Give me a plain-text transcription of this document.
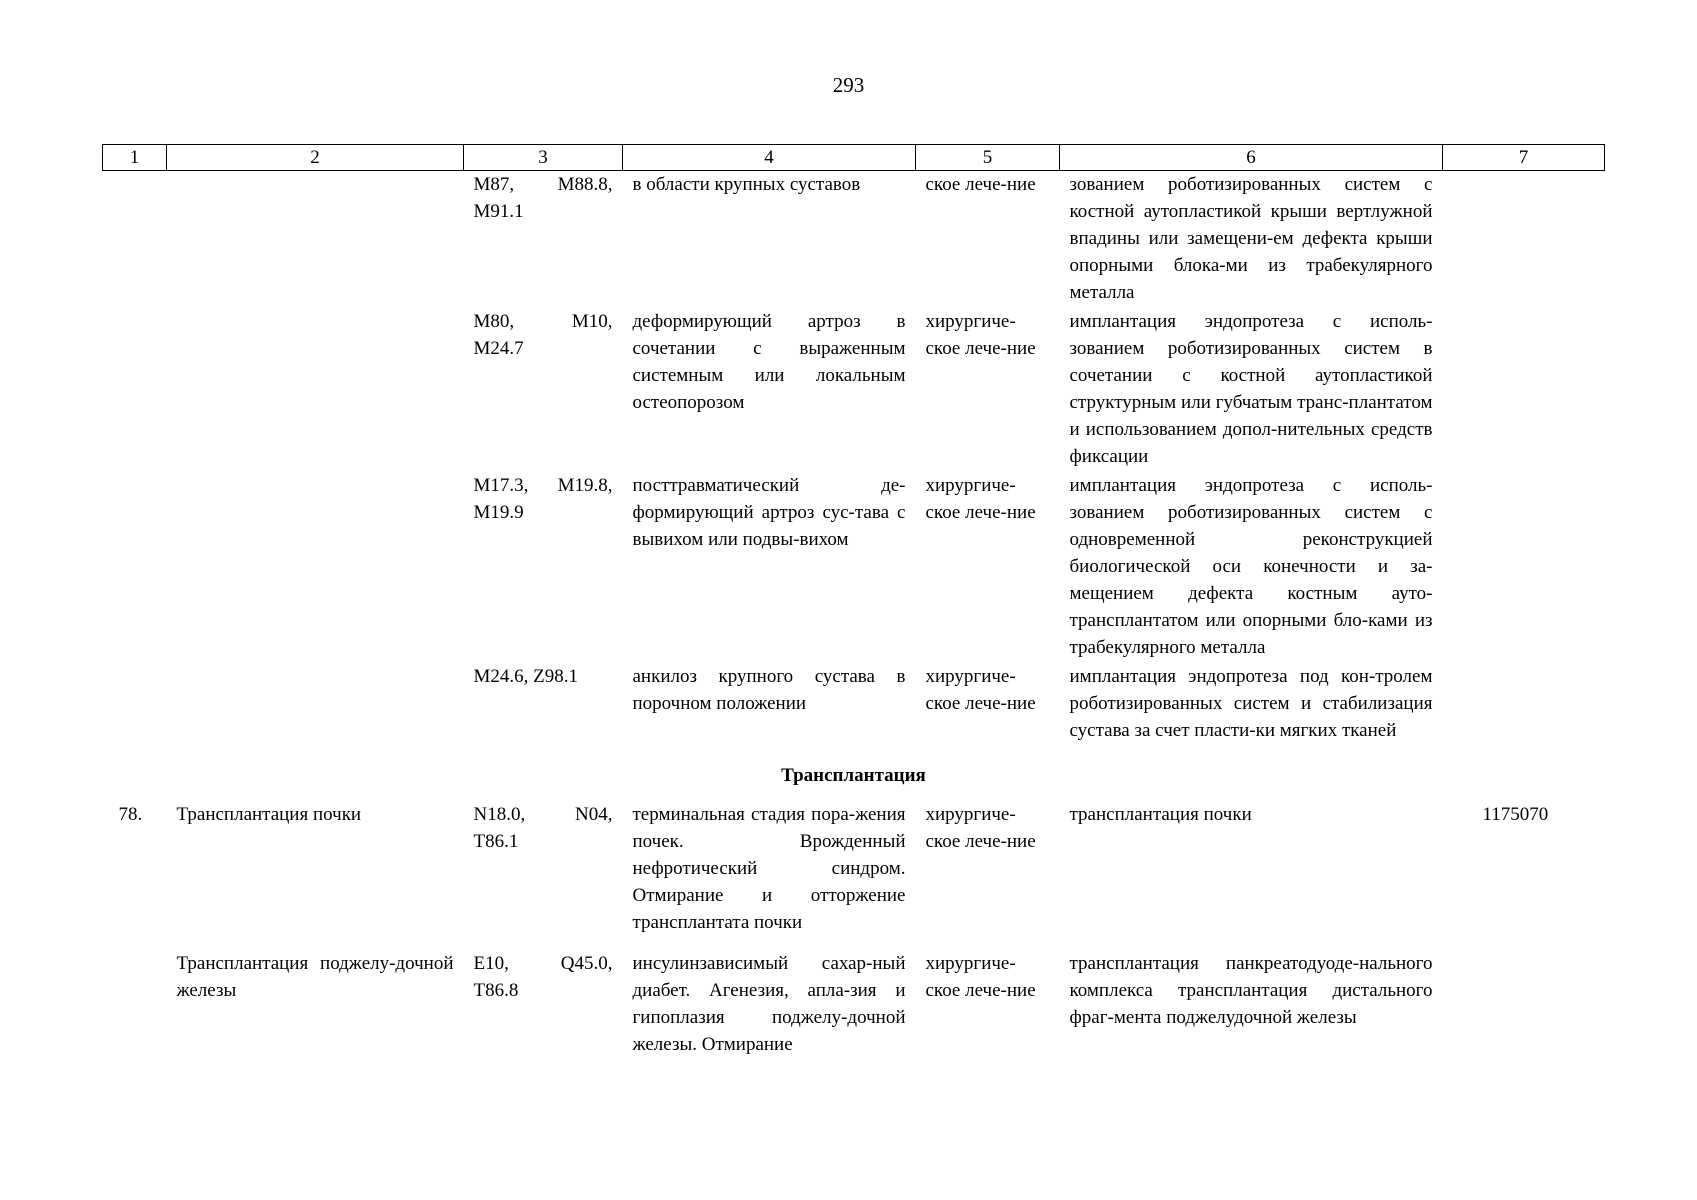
293
1	2	3	4	5	6	7
		M87, M88.8, M91.1	в области крупных суставов	ское лече-ние	зованием роботизированных систем с костной аутопластикой крыши вертлужной впадины или замещени-ем дефекта крыши опорными блока-ми из трабекулярного металла	
		M80, M10, M24.7	деформирующий артроз в сочетании с выраженным системным или локальным остеопорозом	хирургиче-ское лече-ние	имплантация эндопротеза с исполь-зованием роботизированных систем в сочетании с костной аутопластикой структурным или губчатым транс-плантатом и использованием допол-нительных средств фиксации	
		M17.3, M19.8, M19.9	посттравматический де-формирующий артроз сус-тава с вывихом или подвы-вихом	хирургиче-ское лече-ние	имплантация эндопротеза с исполь-зованием роботизированных систем с одновременной реконструкцией биологической оси конечности и за-мещением дефекта костным ауто-трансплантатом или опорными бло-ками из трабекулярного металла	
		M24.6, Z98.1	анкилоз крупного сустава в порочном положении	хирургиче-ское лече-ние	имплантация эндопротеза под кон-тролем роботизированных систем и стабилизация сустава за счет пласти-ки мягких тканей	
Трансплантация						
78.	Трансплантация почки	N18.0, N04, T86.1	терминальная стадия пора-жения почек. Врожденный нефротический синдром. Отмирание и отторжение трансплантата почки	хирургиче-ское лече-ние	трансплантация почки	1175070

	Трансплантация поджелу-дочной железы	E10, Q45.0, T86.8	инсулинзависимый сахар-ный диабет. Агенезия, апла-зия и гипоплазия поджелу-дочной железы. Отмирание	хирургиче-ское лече-ние	трансплантация панкреатодуоде-нального комплекса трансплантация дистального фраг-мента поджелудочной железы	
